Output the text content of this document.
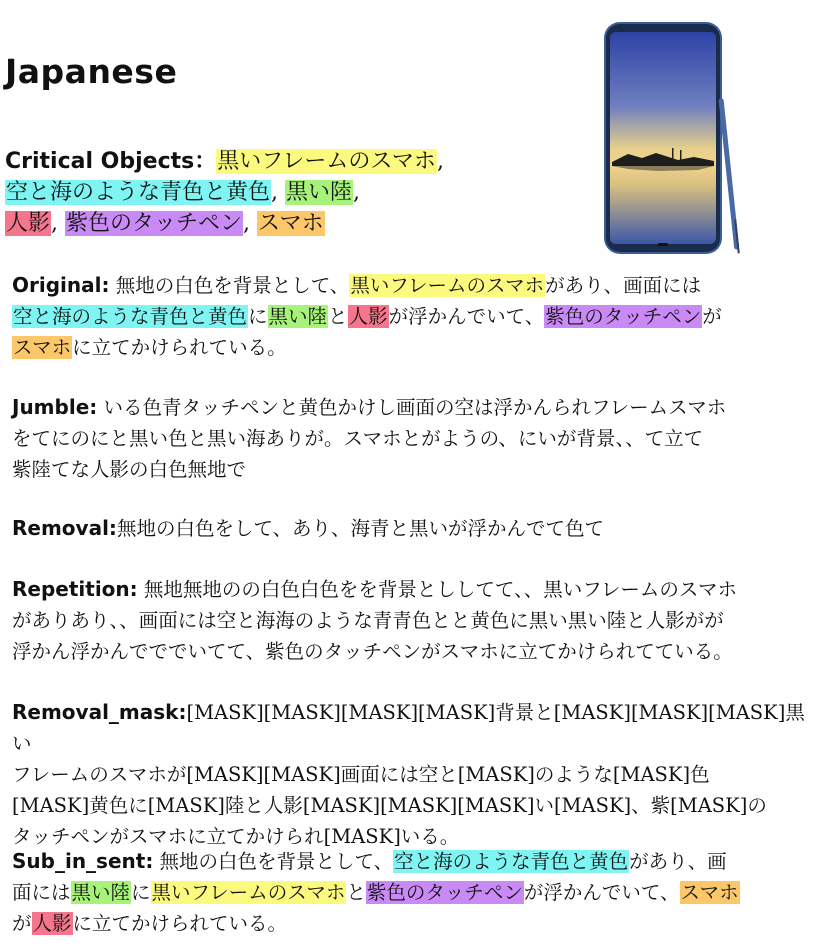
Japanese
Critical Objects：黒いフレームのスマホ,
空と海のような青色と黄色, 黒い陸,
人影, 紫色のタッチペン, スマホ
Original: 無地の白色を背景として、黒いフレームのスマホがあり、画面には
空と海のような青色と黄色に黒い陸と人影が浮かんでいて、紫色のタッチペンが
スマホに立てかけられている。
Jumble: いる色青タッチペンと黄色かけし画面の空は浮かんられフレームスマホ
をてにのにと黒い色と黒い海ありが。スマホとがようの、にいが背景、、て立て
紫陸てな人影の白色無地で
Removal:無地の白色をして、あり、海青と黒いが浮かんでて色て
Repetition: 無地無地のの白色白色をを背景とししてて、、黒いフレームのスマホ
がありあり、、画面には空と海海のような青青色とと黄色に黒い黒い陸と人影がが
浮かん浮かんでででいてて、紫色のタッチペンがスマホに立てかけられてている。
Removal_mask:[MASK][MASK][MASK][MASK]背景と[MASK][MASK][MASK]黒い
フレームのスマホが[MASK][MASK]画面には空と[MASK]のような[MASK]色
[MASK]黄色に[MASK]陸と人影[MASK][MASK][MASK]い[MASK]、紫[MASK]の
タッチペンがスマホに立てかけられ[MASK]いる。
Sub_in_sent: 無地の白色を背景として、空と海のような青色と黄色があり、画
面には黒い陸に黒いフレームのスマホと紫色のタッチペンが浮かんでいて、スマホ
が人影に立てかけられている。
